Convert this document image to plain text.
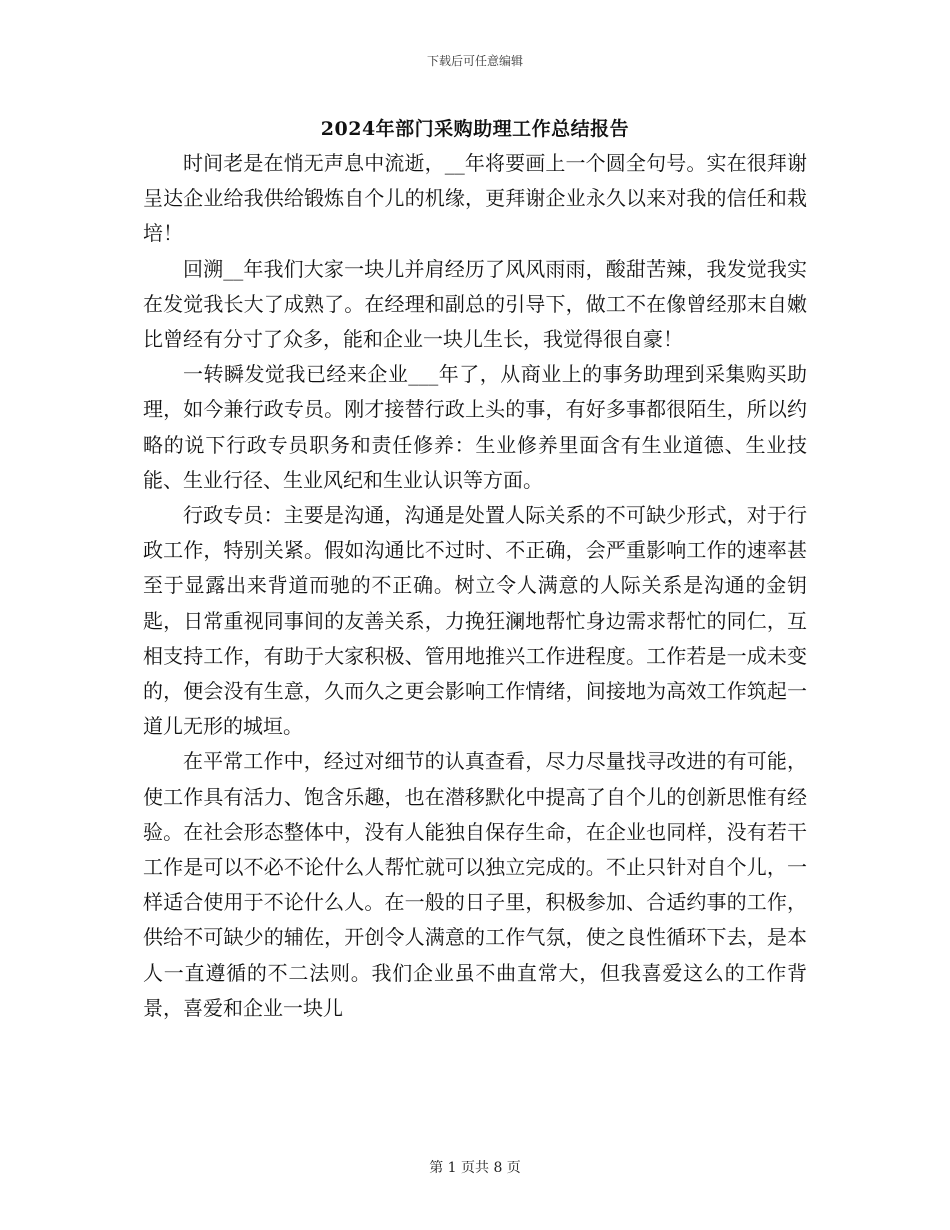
下载后可任意编辑
2024年部门采购助理工作总结报告

时间老是在悄无声息中流逝，__年将要画上一个圆全句号。实在很拜谢呈达企业给我供给锻炼自个儿的机缘，更拜谢企业永久以来对我的信任和栽培！

回溯__年我们大家一块儿并肩经历了风风雨雨，酸甜苦辣，我发觉我实在发觉我长大了成熟了。在经理和副总的引导下，做工不在像曾经那末自嫩比曾经有分寸了众多，能和企业一块儿生长，我觉得很自豪！

一转瞬发觉我已经来企业___年了，从商业上的事务助理到采集购买助理，如今兼行政专员。刚才接替行政上头的事，有好多事都很陌生，所以约略的说下行政专员职务和责任修养：生业修养里面含有生业道德、生业技能、生业行径、生业风纪和生业认识等方面。

行政专员：主要是沟通，沟通是处置人际关系的不可缺少形式，对于行政工作，特别关紧。假如沟通比不过时、不正确，会严重影响工作的速率甚至于显露出来背道而驰的不正确。树立令人满意的人际关系是沟通的金钥匙，日常重视同事间的友善关系，力挽狂澜地帮忙身边需求帮忙的同仁，互相支持工作，有助于大家积极、管用地推兴工作进程度。工作若是一成未变的，便会没有生意，久而久之更会影响工作情绪，间接地为高效工作筑起一道儿无形的城垣。

在平常工作中，经过对细节的认真查看，尽力尽量找寻改进的有可能，使工作具有活力、饱含乐趣，也在潜移默化中提高了自个儿的创新思惟有经验。在社会形态整体中，没有人能独自保存生命，在企业也同样，没有若干工作是可以不必不论什么人帮忙就可以独立完成的。不止只针对自个儿，一样适合使用于不论什么人。在一般的日子里，积极参加、合适约事的工作，供给不可缺少的辅佐，开创令人满意的工作气氛，使之良性循环下去，是本人一直遵循的不二法则。我们企业虽不曲直常大，但我喜爱这么的工作背景，喜爱和企业一块儿

第 1 页共 8 页
